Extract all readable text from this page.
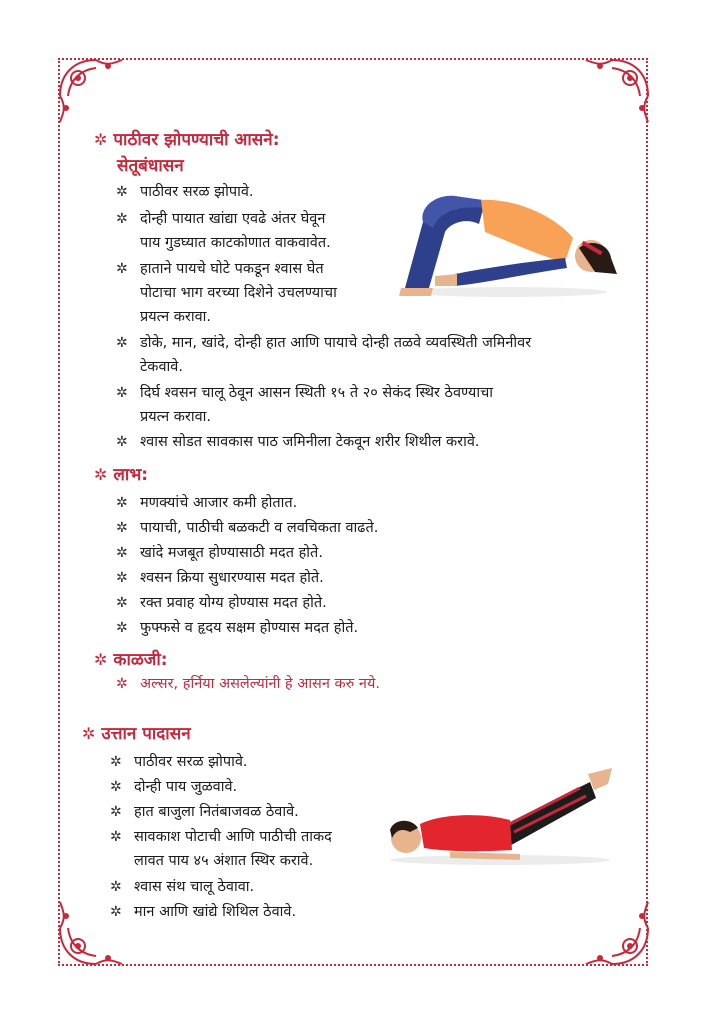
✲ पाठीवर झोपण्याची आसने:
सेतूबंधासन
✲ पाठीवर सरळ झोपावे.
✲ दोन्ही पायात खांद्या एवढे अंतर घेवून
पाय गुडघ्यात काटकोणात वाकवावेत.
✲ हाताने पायचे घोटे पकडून श्वास घेत
पोटाचा भाग वरच्या दिशेने उचलण्याचा
प्रयत्न करावा.
✲ डोके, मान, खांदे, दोन्ही हात आणि पायाचे दोन्ही तळवे व्यवस्थिती जमिनीवर
टेकवावे.
✲ दिर्घ श्वसन चालू ठेवून आसन स्थिती १५ ते २० सेकंद स्थिर ठेवण्याचा
प्रयत्न करावा.
✲ श्वास सोडत सावकास पाठ जमिनीला टेकवून शरीर शिथील करावे.
✲ लाभ:
✲ मणक्यांचे आजार कमी होतात.
✲ पायाची, पाठीची बळकटी व लवचिकता वाढते.
✲ खांदे मजबूत होण्यासाठी मदत होते.
✲ श्वसन क्रिया सुधारण्यास मदत होते.
✲ रक्त प्रवाह योग्य होण्यास मदत होते.
✲ फुफ्फसे व हृदय सक्षम होण्यास मदत होते.
✲ काळजी:
✲ अल्सर, हर्निया असलेल्यांनी हे आसन करु नये.
✲ उत्तान पादासन
✲ पाठीवर सरळ झोपावे.
✲ दोन्ही पाय जुळवावे.
✲ हात बाजुला नितंबाजवळ ठेवावे.
✲ सावकाश पोटाची आणि पाठीची ताकद
लावत पाय ४५ अंशात स्थिर करावे.
✲ श्वास संथ चालू ठेवावा.
✲ मान आणि खांद्ये शिथिल ठेवावे.
